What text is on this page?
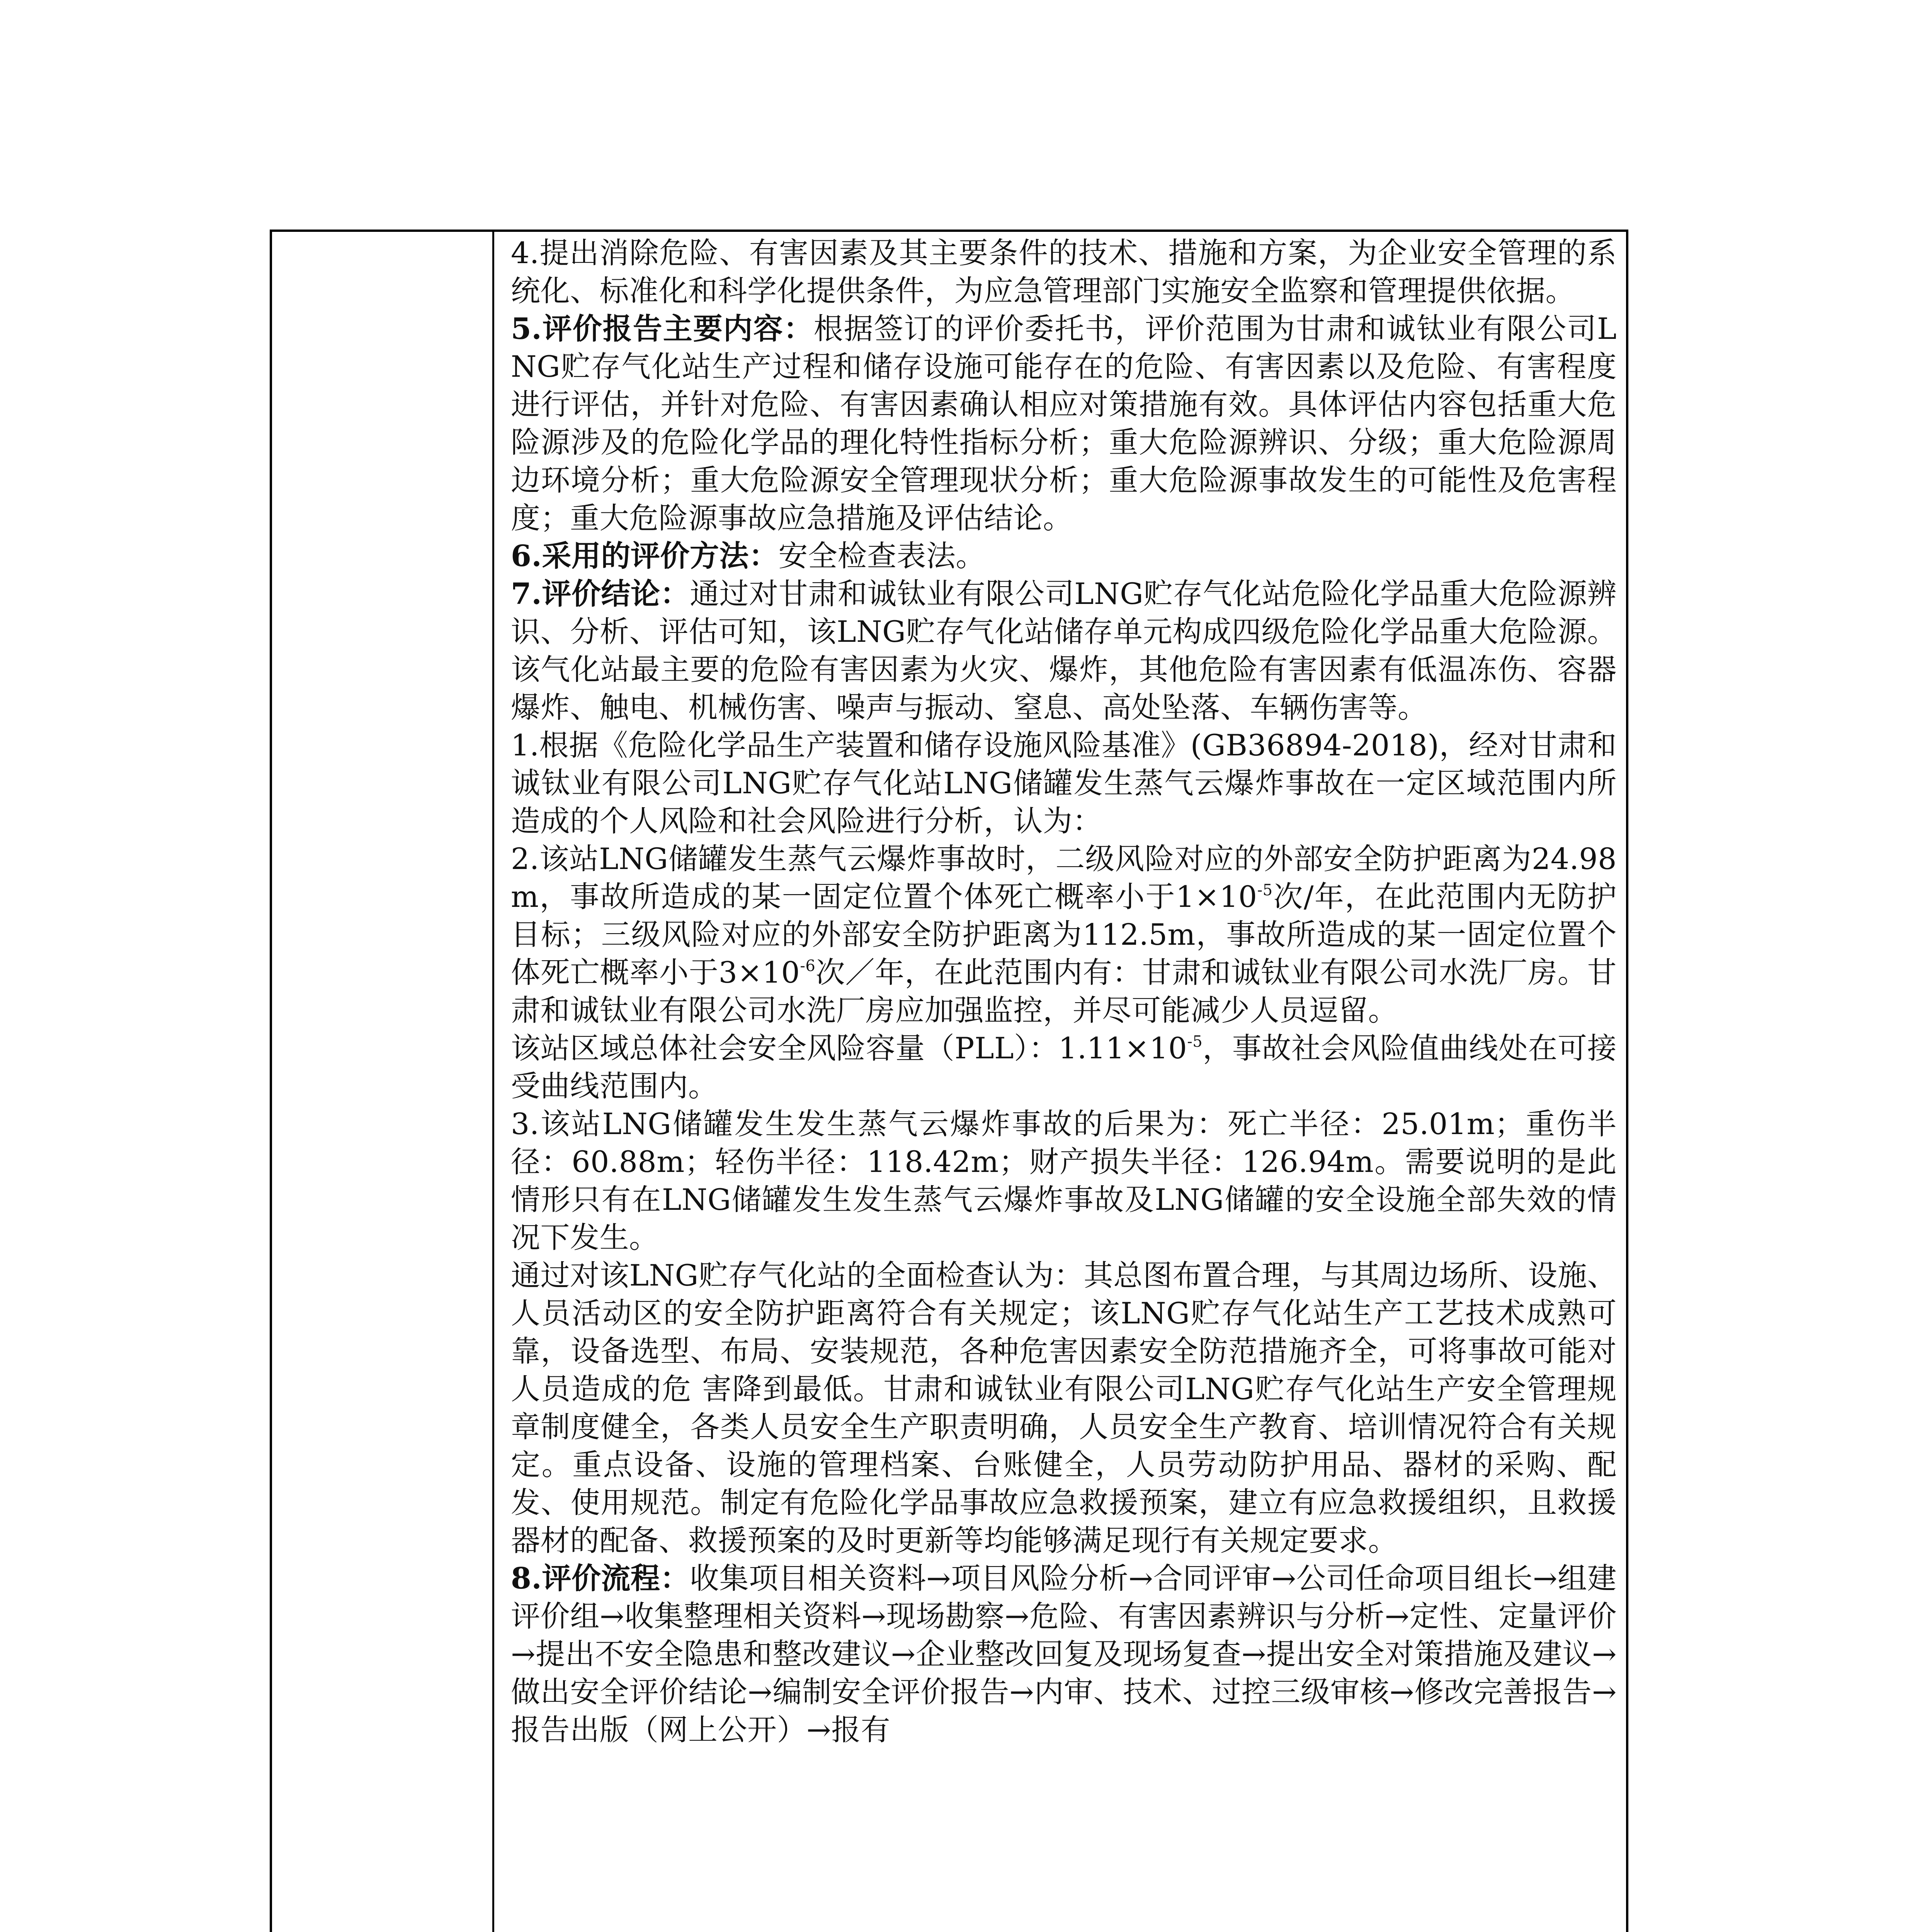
4.提出消除危险、有害因素及其主要条件的技术、措施和方案，为企业安全管理的系统化、标准化和科学化提供条件，为应急管理部门实施安全监察和管理提供依据。

5.评价报告主要内容：根据签订的评价委托书，评价范围为甘肃和诚钛业有限公司LNG贮存气化站生产过程和储存设施可能存在的危险、有害因素以及危险、有害程度进行评估，并针对危险、有害因素确认相应对策措施有效。具体评估内容包括重大危险源涉及的危险化学品的理化特性指标分析；重大危险源辨识、分级；重大危险源周边环境分析；重大危险源安全管理现状分析；重大危险源事故发生的可能性及危害程度；重大危险源事故应急措施及评估结论。

6.采用的评价方法：安全检查表法。

7.评价结论：通过对甘肃和诚钛业有限公司LNG贮存气化站危险化学品重大危险源辨识、分析、评估可知，该LNG贮存气化站储存单元构成四级危险化学品重大危险源。该气化站最主要的危险有害因素为火灾、爆炸，其他危险有害因素有低温冻伤、容器爆炸、触电、机械伤害、噪声与振动、窒息、高处坠落、车辆伤害等。

1.根据《危险化学品生产装置和储存设施风险基准》(GB36894-2018)，经对甘肃和诚钛业有限公司LNG贮存气化站LNG储罐发生蒸气云爆炸事故在一定区域范围内所造成的个人风险和社会风险进行分析，认为：

2.该站LNG储罐发生蒸气云爆炸事故时，二级风险对应的外部安全防护距离为24.98m，事故所造成的某一固定位置个体死亡概率小于$1\times 10^{-5}$次/年，在此范围内无防护目标；三级风险对应的外部安全防护距离为112.5m，事故所造成的某一固定位置个体死亡概率小于$3\times 10^{-6}$次／年，在此范围内有：甘肃和诚钛业有限公司水洗厂房。甘肃和诚钛业有限公司水洗厂房应加强监控，并尽可能减少人员逗留。

该站区域总体社会安全风险容量（PLL）：$1.11\times 10^{-5}$，事故社会风险值曲线处在可接受曲线范围内。

3.该站LNG储罐发生发生蒸气云爆炸事故的后果为：死亡半径：25.01m；重伤半径：60.88m；轻伤半径：118.42m；财产损失半径：126.94m。需要说明的是此情形只有在LNG储罐发生发生蒸气云爆炸事故及LNG储罐的安全设施全部失效的情况下发生。

通过对该LNG贮存气化站的全面检查认为：其总图布置合理，与其周边场所、设施、人员活动区的安全防护距离符合有关规定；该LNG贮存气化站生产工艺技术成熟可靠，设备选型、布局、安装规范，各种危害因素安全防范措施齐全，可将事故可能对人员造成的危 害降到最低。甘肃和诚钛业有限公司LNG贮存气化站生产安全管理规章制度健全，各类人员安全生产职责明确，人员安全生产教育、培训情况符合有关规定。重点设备、设施的管理档案、台账健全，人员劳动防护用品、器材的采购、配发、使用规范。制定有危险化学品事故应急救援预案，建立有应急救援组织，且救援器材的配备、救援预案的及时更新等均能够满足现行有关规定要求。

8.评价流程：收集项目相关资料→项目风险分析→合同评审→公司任命项目组长→组建评价组→收集整理相关资料→现场勘察→危险、有害因素辨识与分析→定性、定量评价→提出不安全隐患和整改建议→企业整改回复及现场复查→提出安全对策措施及建议→做出安全评价结论→编制安全评价报告→内审、技术、过控三级审核→修改完善报告→报告出版（网上公开）→报有
